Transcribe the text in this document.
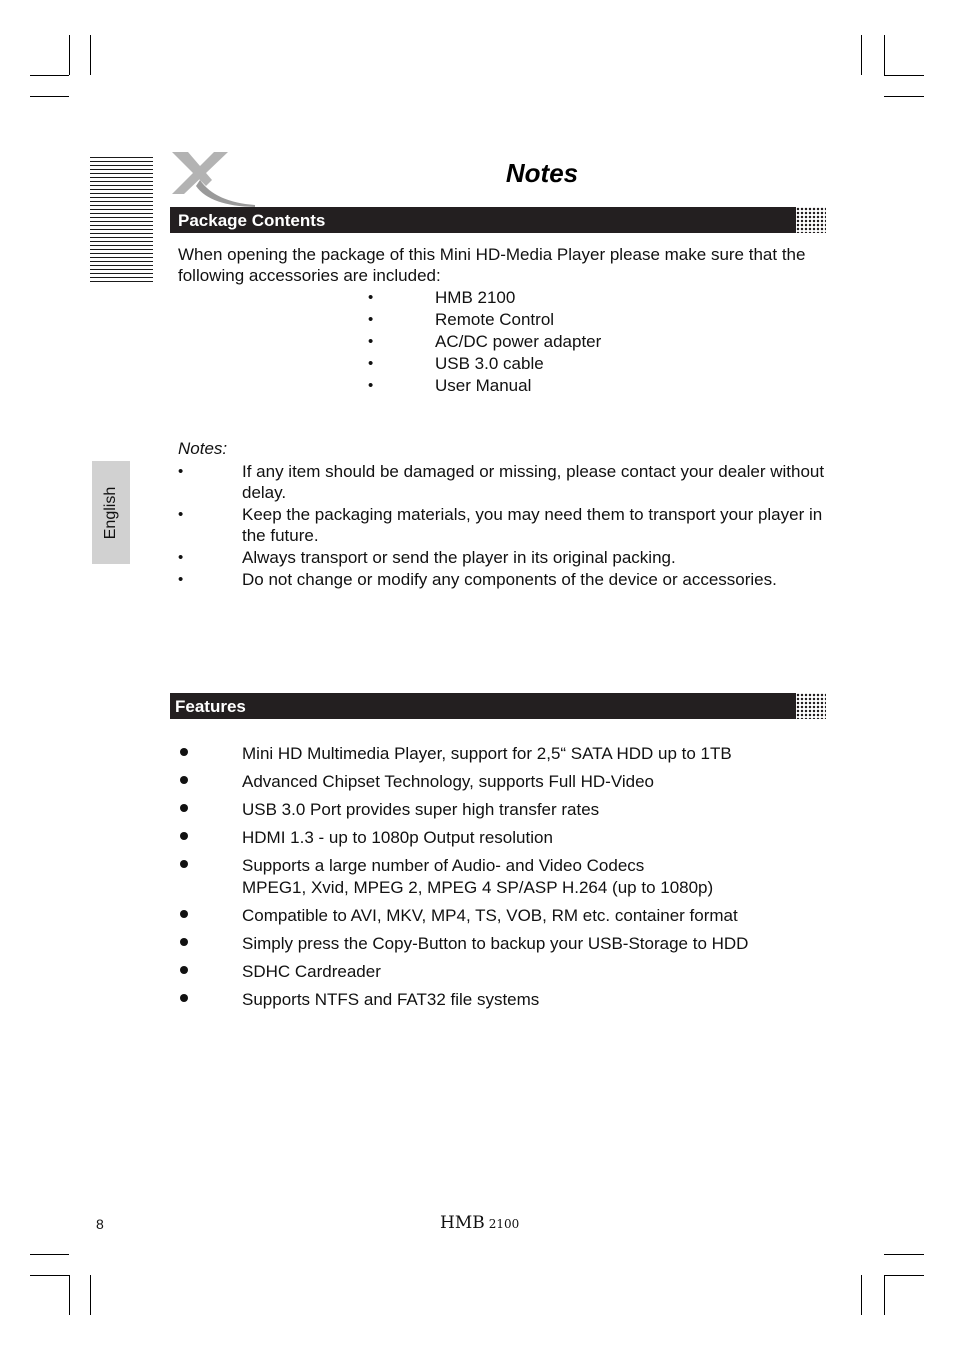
Notes
English
Package Contents
When opening the package of this Mini HD-Media Player please make sure that the following accessories are included:
• HMB 2100
• Remote Control
• AC/DC power adapter
• USB 3.0 cable
• User Manual
Notes:
• If any item should be damaged or missing, please contact your dealer without delay.
• Keep the packaging materials, you may need them to transport your player in the future.
• Always transport or send the player in its original packing.
• Do not change or modify any components of the device or accessories.
Features
Mini HD Multimedia Player, support for 2,5“ SATA HDD up to 1TB
Advanced Chipset Technology, supports Full HD-Video
USB 3.0 Port provides super high transfer rates
HDMI 1.3 - up to 1080p Output resolution
Supports a large number of Audio- and Video Codecs
MPEG1, Xvid, MPEG 2, MPEG 4 SP/ASP H.264 (up to 1080p)
Compatible to AVI, MKV, MP4, TS, VOB, RM etc. container format
Simply press the Copy-Button to backup your USB-Storage to HDD
SDHC Cardreader
Supports NTFS and FAT32 file systems
8	HMB 2100
